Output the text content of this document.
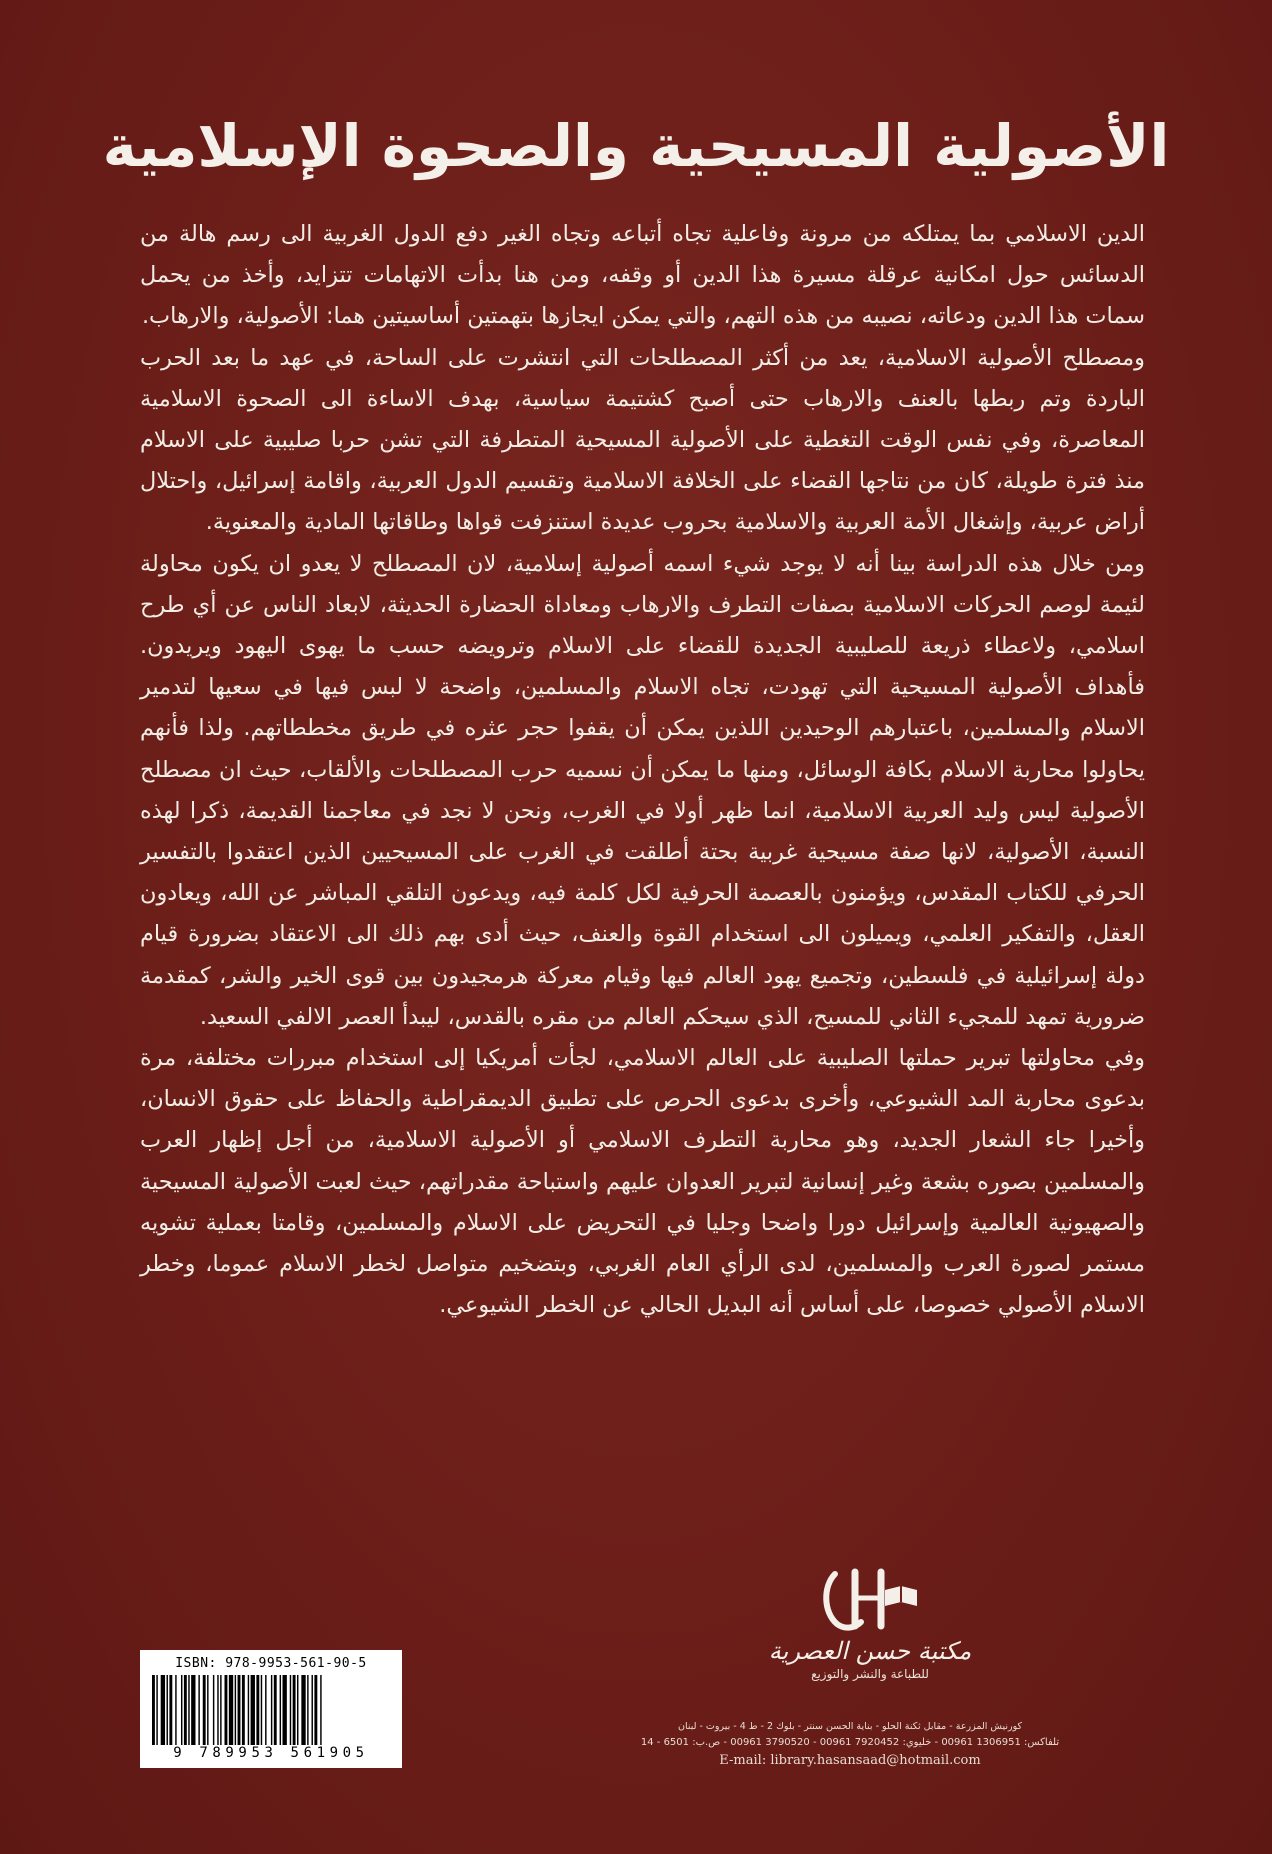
الأصولية المسيحية والصحوة الإسلامية

الدين الاسلامي بما يمتلكه من مرونة وفاعلية تجاه أتباعه وتجاه الغير دفع الدول الغربية الى رسم هالة من الدسائس حول امكانية عرقلة مسيرة هذا الدين أو وقفه، ومن هنا بدأت الاتهامات تتزايد، وأخذ من يحمل سمات هذا الدين ودعاته، نصيبه من هذه التهم، والتي يمكن ايجازها بتهمتين أساسيتين هما: الأصولية، والارهاب.

ومصطلح الأصولية الاسلامية، يعد من أكثر المصطلحات التي انتشرت على الساحة، في عهد ما بعد الحرب الباردة وتم ربطها بالعنف والارهاب حتى أصبح كشتيمة سياسية، بهدف الاساءة الى الصحوة الاسلامية المعاصرة، وفي نفس الوقت التغطية على الأصولية المسيحية المتطرفة التي تشن حربا صليبية على الاسلام منذ فترة طويلة، كان من نتاجها القضاء على الخلافة الاسلامية وتقسيم الدول العربية، واقامة إسرائيل، واحتلال أراض عربية، وإشغال الأمة العربية والاسلامية بحروب عديدة استنزفت قواها وطاقاتها المادية والمعنوية.

ومن خلال هذه الدراسة بينا أنه لا يوجد شيء اسمه أصولية إسلامية، لان المصطلح لا يعدو ان يكون محاولة لئيمة لوصم الحركات الاسلامية بصفات التطرف والارهاب ومعاداة الحضارة الحديثة، لابعاد الناس عن أي طرح اسلامي، ولاعطاء ذريعة للصليبية الجديدة للقضاء على الاسلام وترويضه حسب ما يهوى اليهود ويريدون. فأهداف الأصولية المسيحية التي تهودت، تجاه الاسلام والمسلمين، واضحة لا لبس فيها في سعيها لتدمير الاسلام والمسلمين، باعتبارهم الوحيدين اللذين يمكن أن يقفوا حجر عثره في طريق مخططاتهم. ولذا فأنهم يحاولوا محاربة الاسلام بكافة الوسائل، ومنها ما يمكن أن نسميه حرب المصطلحات والألقاب، حيث ان مصطلح الأصولية ليس وليد العربية الاسلامية، انما ظهر أولا في الغرب، ونحن لا نجد في معاجمنا القديمة، ذكرا لهذه النسبة، الأصولية، لانها صفة مسيحية غربية بحتة أطلقت في الغرب على المسيحيين الذين اعتقدوا بالتفسير الحرفي للكتاب المقدس، ويؤمنون بالعصمة الحرفية لكل كلمة فيه، ويدعون التلقي المباشر عن الله، ويعادون العقل، والتفكير العلمي، ويميلون الى استخدام القوة والعنف، حيث أدى بهم ذلك الى الاعتقاد بضرورة قيام دولة إسرائيلية في فلسطين، وتجميع يهود العالم فيها وقيام معركة هرمجيدون بين قوى الخير والشر، كمقدمة ضرورية تمهد للمجيء الثاني للمسيح، الذي سيحكم العالم من مقره بالقدس، ليبدأ العصر الالفي السعيد.

وفي محاولتها تبرير حملتها الصليبية على العالم الاسلامي، لجأت أمريكيا إلى استخدام مبررات مختلفة، مرة بدعوى محاربة المد الشيوعي، وأخرى بدعوى الحرص على تطبيق الديمقراطية والحفاظ على حقوق الانسان، وأخيرا جاء الشعار الجديد، وهو محاربة التطرف الاسلامي أو الأصولية الاسلامية، من أجل إظهار العرب والمسلمين بصوره بشعة وغير إنسانية لتبرير العدوان عليهم واستباحة مقدراتهم، حيث لعبت الأصولية المسيحية والصهيونية العالمية وإسرائيل دورا واضحا وجليا في التحريض على الاسلام والمسلمين، وقامتا بعملية تشويه مستمر لصورة العرب والمسلمين، لدى الرأي العام الغربي، وبتضخيم متواصل لخطر الاسلام عموما، وخطر الاسلام الأصولي خصوصا، على أساس أنه البديل الحالي عن الخطر الشيوعي.

مكتبة حسن العصرية
للطباعة والنشر والتوزيع
كورنيش المزرعة - مقابل ثكنة الحلو - بناية الحسن سنتر - بلوك 2 - ط 4 - بيروت - لبنان
تلفاكس: 1306951 00961 - خليوي: 7920452 00961 - 3790520 00961 - ص.ب: 6501 - 14
E-mail: library.hasansaad@hotmail.com
ISBN: 978-9953-561-90-5
9 789953 561905
